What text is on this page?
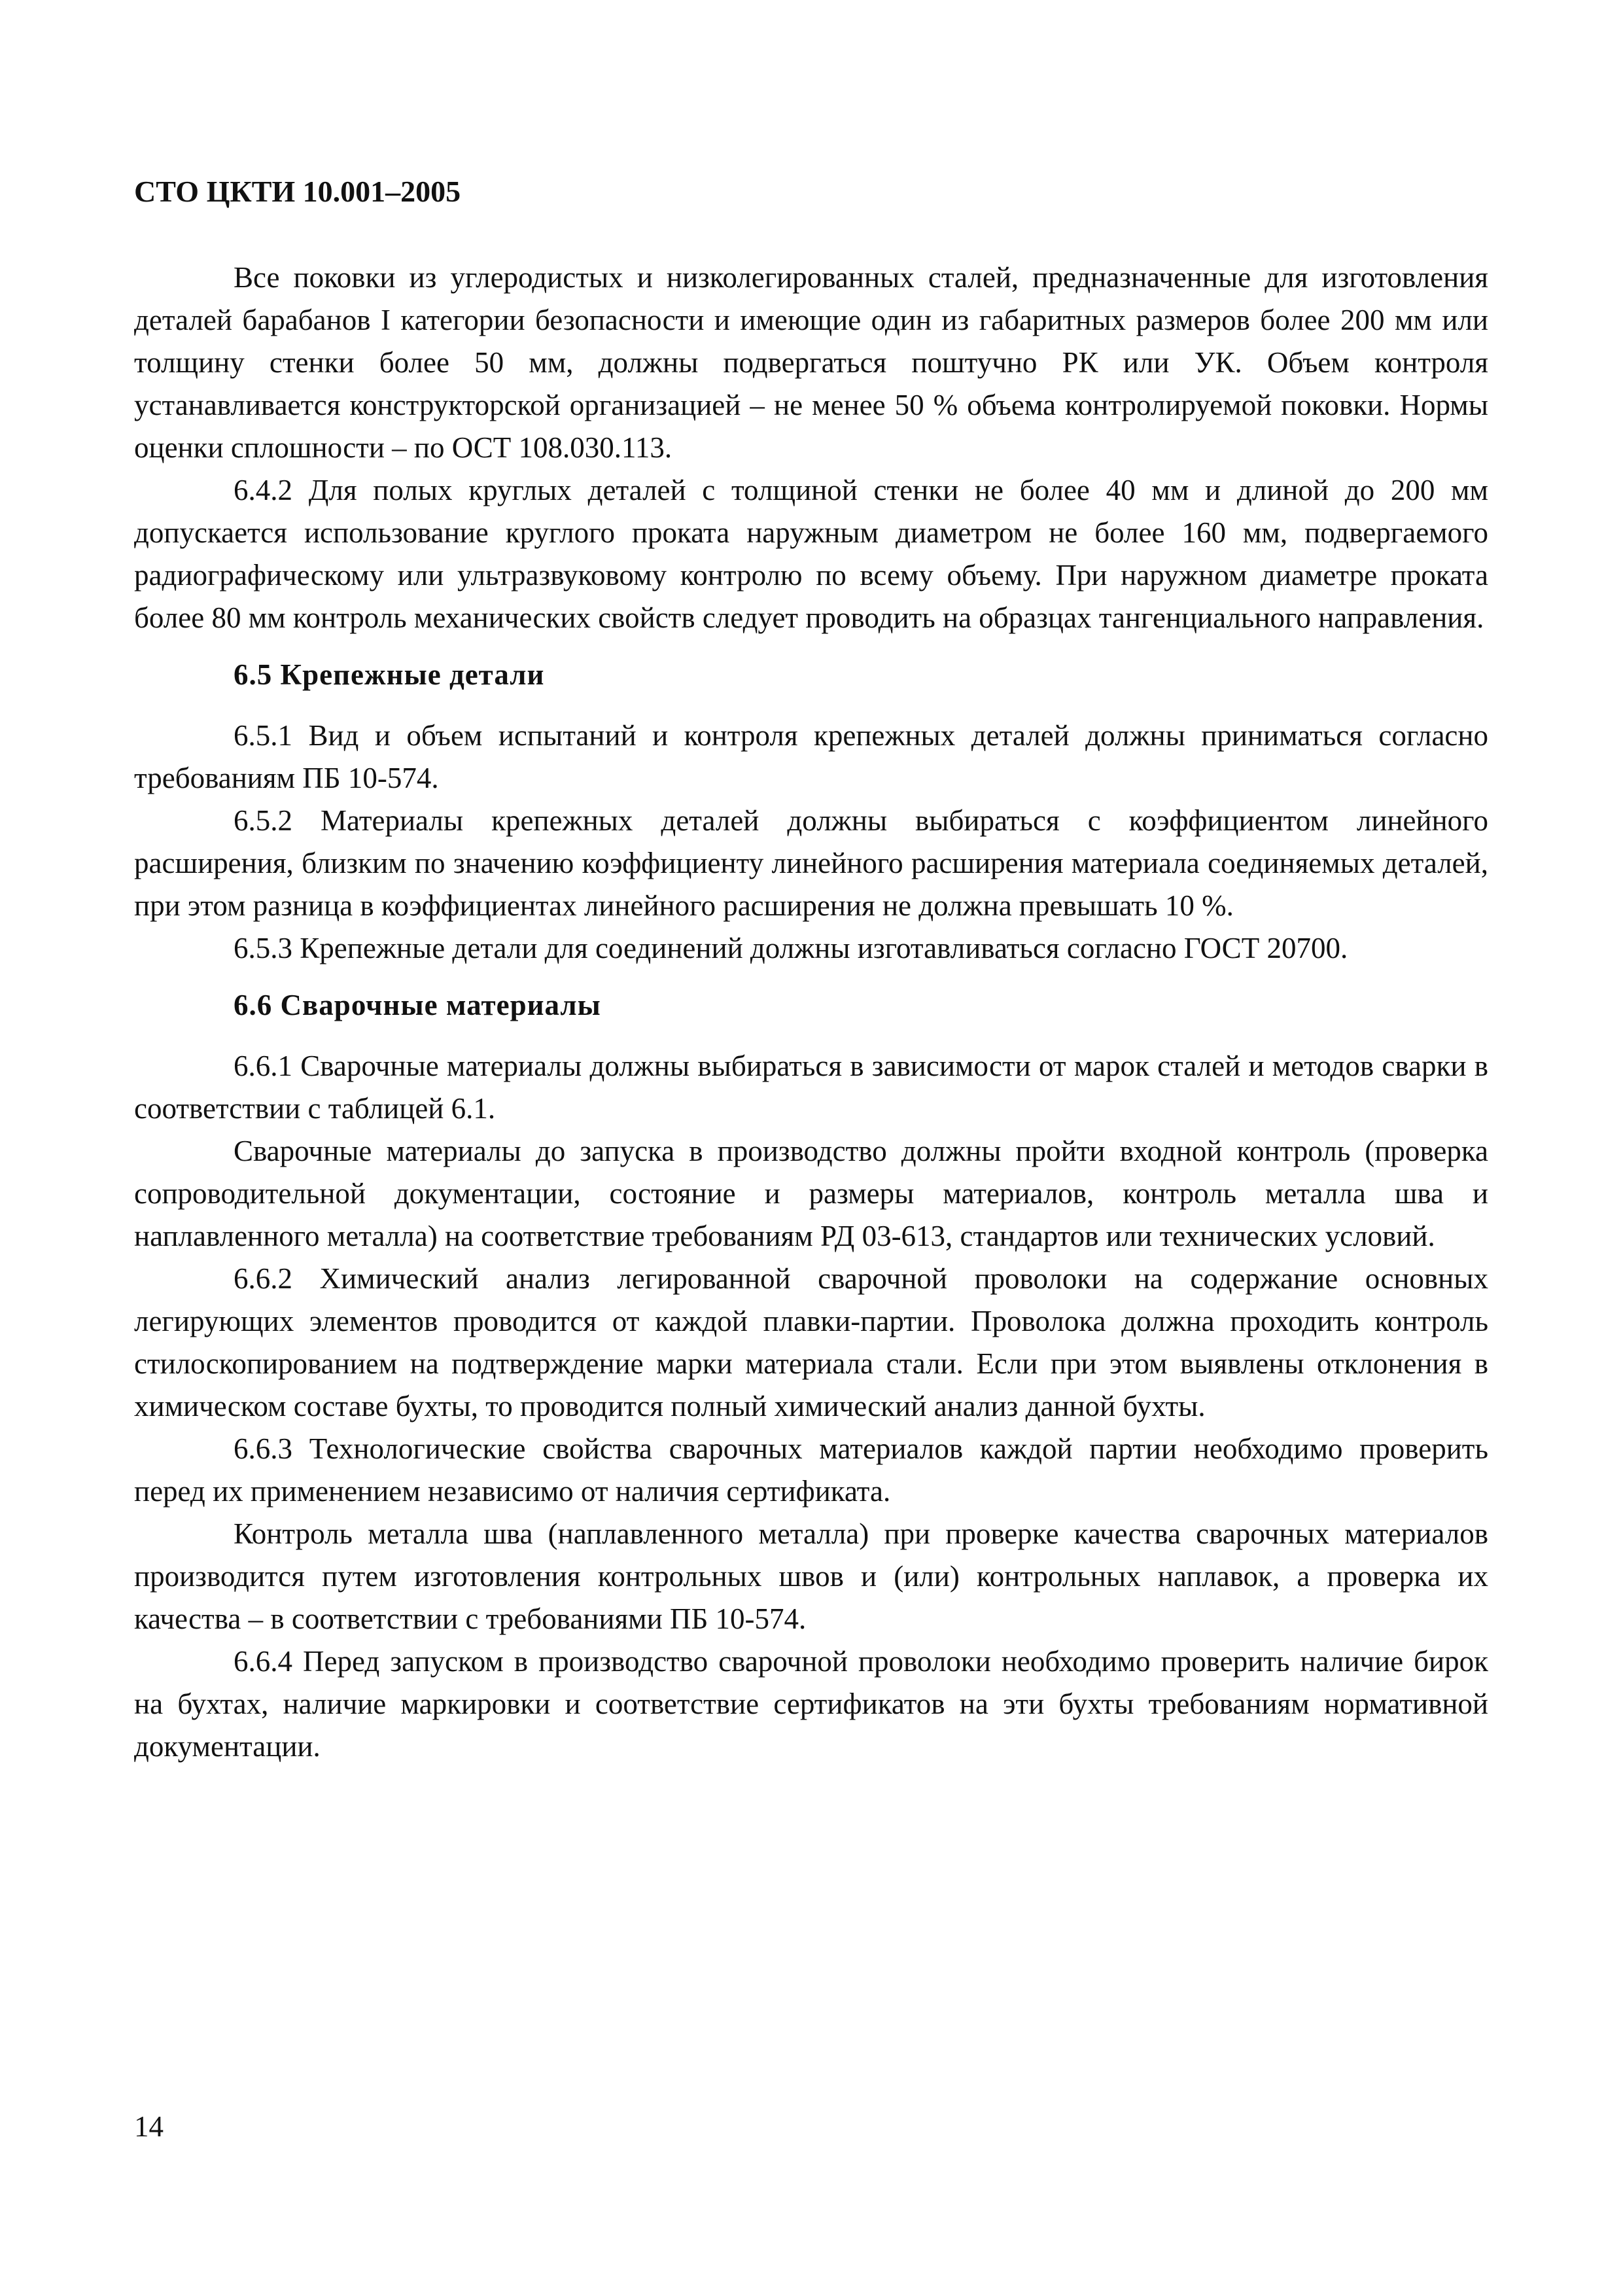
СТО ЦКТИ 10.001–2005

Все поковки из углеродистых и низколегированных сталей, предназначенные для изготовления деталей барабанов I категории безопасности и имеющие один из габаритных размеров более 200 мм или толщину стенки более 50 мм, должны подвергаться поштучно РК или УК. Объем контроля устанавливается конструкторской организацией – не менее 50 % объема контролируемой поковки. Нормы оценки сплошности – по ОСТ 108.030.113.

6.4.2 Для полых круглых деталей с толщиной стенки не более 40 мм и длиной до 200 мм допускается использование круглого проката наружным диаметром не более 160 мм, подвергаемого радиографическому или ультразвуковому контролю по всему объему. При наружном диаметре проката более 80 мм контроль механических свойств следует проводить на образцах тангенциального направления.

6.5 Крепежные детали

6.5.1 Вид и объем испытаний и контроля крепежных деталей должны приниматься согласно требованиям ПБ 10-574.

6.5.2 Материалы крепежных деталей должны выбираться с коэффициентом линейного расширения, близким по значению коэффициенту линейного расширения материала соединяемых деталей, при этом разница в коэффициентах линейного расширения не должна превышать 10 %.

6.5.3 Крепежные детали для соединений должны изготавливаться согласно ГОСТ 20700.

6.6 Сварочные материалы

6.6.1 Сварочные материалы должны выбираться в зависимости от марок сталей и методов сварки в соответствии с таблицей 6.1.

Сварочные материалы до запуска в производство должны пройти входной контроль (проверка сопроводительной документации, состояние и размеры материалов, контроль металла шва и наплавленного металла) на соответствие требованиям РД 03-613, стандартов или технических условий.

6.6.2 Химический анализ легированной сварочной проволоки на содержание основных легирующих элементов проводится от каждой плавки-партии. Проволока должна проходить контроль стилоскопированием на подтверждение марки материала стали. Если при этом выявлены отклонения в химическом составе бухты, то проводится полный химический анализ данной бухты.

6.6.3 Технологические свойства сварочных материалов каждой партии необходимо проверить перед их применением независимо от наличия сертификата.

Контроль металла шва (наплавленного металла) при проверке качества сварочных материалов производится путем изготовления контрольных швов и (или) контрольных наплавок, а проверка их качества – в соответствии с требованиями ПБ 10-574.

6.6.4 Перед запуском в производство сварочной проволоки необходимо проверить наличие бирок на бухтах, наличие маркировки и соответствие сертификатов на эти бухты требованиям нормативной документации.

14
